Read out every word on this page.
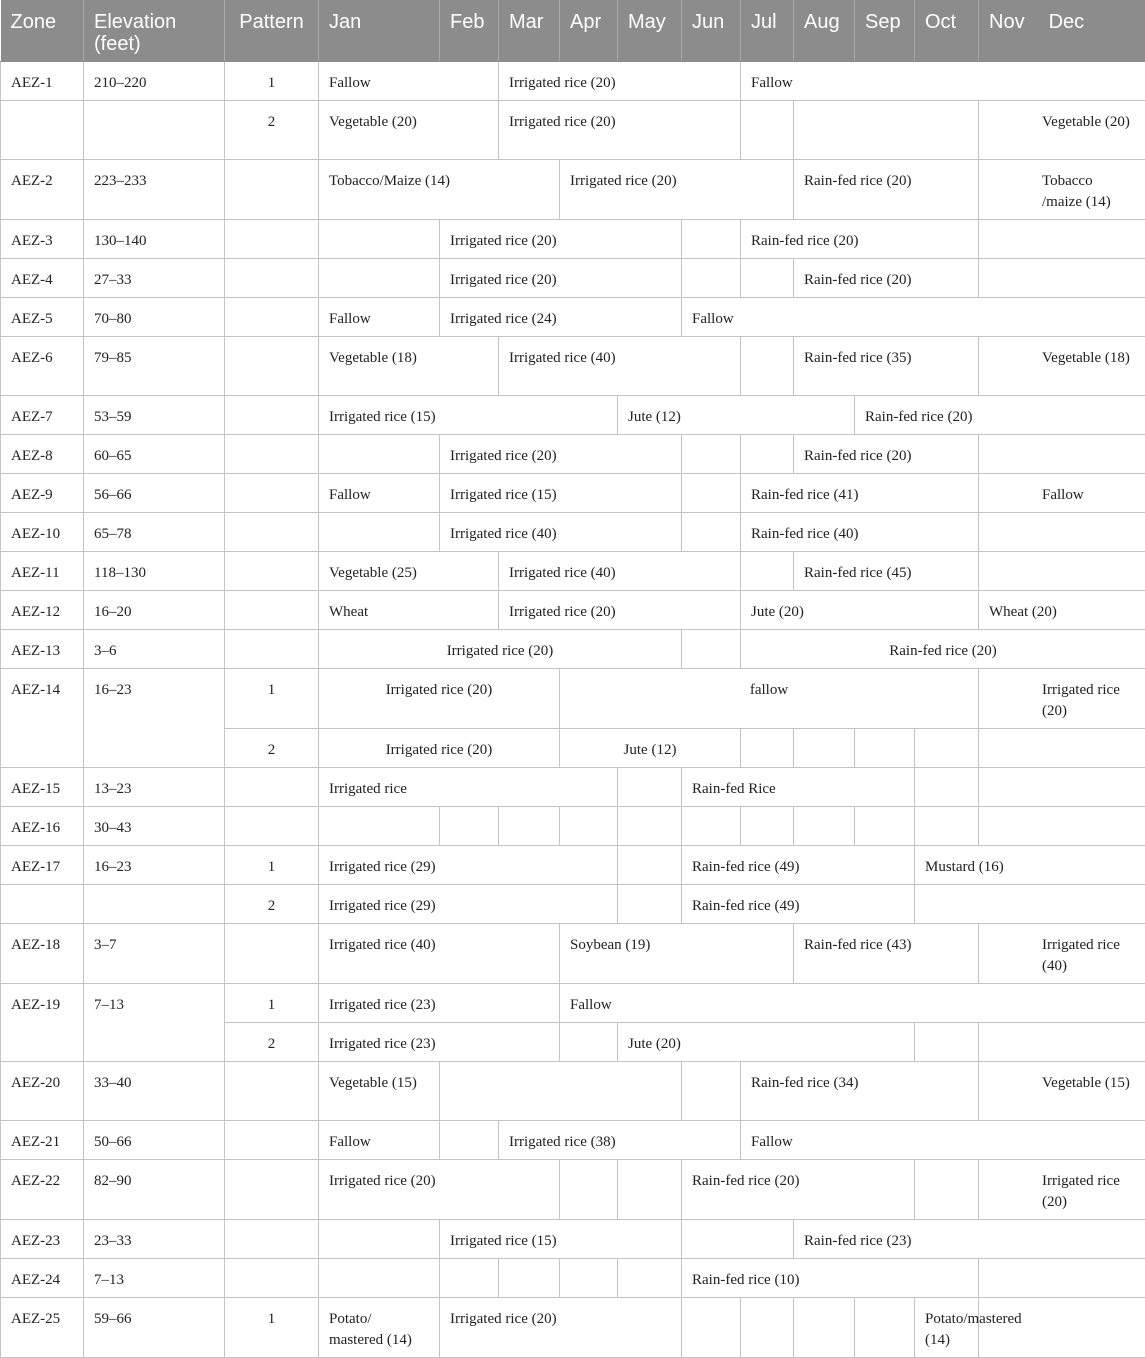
Zone	Elevation (feet)	Pattern	Jan	Feb	Mar	Apr	May	Jun	Jul	Aug	Sep	Oct	Nov Dec	
AEZ-1	210–220	1	Fallow		Irrigated rice (20)				Fallow					
		2	Vegetable (20)		Irrigated rice (20)								Vegetable (20)	

AEZ-2	223–233		Tobacco/Maize (14)			Irrigated rice (20)				Rain-fed rice (20)			Tobacco /maize (14)	

AEZ-3	130–140			Irrigated rice (20)					Rain-fed rice (20)					

AEZ-4	27–33			Irrigated rice (20)						Rain-fed rice (20)				
AEZ-5	70–80		Fallow	Irrigated rice (24)				Fallow						
AEZ-6	79–85		Vegetable (18)		Irrigated rice (40)					Rain-fed rice (35)			Vegetable (18)	

AEZ-7	53–59		Irrigated rice (15)				Jute (12)				Rain-fed rice (20)			
AEZ-8	60–65			Irrigated rice (20)						Rain-fed rice (20)				
AEZ-9	56–66		Fallow	Irrigated rice (15)					Rain-fed rice (41)				Fallow	

AEZ-10	65–78			Irrigated rice (40)					Rain-fed rice (40)					

AEZ-11	118–130		Vegetable (25)		Irrigated rice (40)					Rain-fed rice (45)				
AEZ-12	16–20		Wheat		Irrigated rice (20)				Jute (20)				Wheat (20)	
AEZ-13	3–6		Irrigated rice (20)						Rain-fed rice (20)					

AEZ-14	16–23	1	Irrigated rice (20)			fallow							Irrigated rice (20)	

		2	Irrigated rice (20)			Jute (12)								
AEZ-15	13–23		Irrigated rice					Rain-fed Rice						
AEZ-16	30–43													
AEZ-17	16–23	1	Irrigated rice (29)					Rain-fed rice (49)				Mustard (16)		
		2	Irrigated rice (29)					Rain-fed rice (49)						
AEZ-18	3–7		Irrigated rice (40)			Soybean (19)				Rain-fed rice (43)			Irrigated rice (40)	

AEZ-19	7–13	1	Irrigated rice (23)			Fallow								
		2	Irrigated rice (23)				Jute (20)							
AEZ-20	33–40		Vegetable (15)						Rain-fed rice (34)				Vegetable (15)	

AEZ-21	50–66		Fallow		Irrigated rice (38)				Fallow					
AEZ-22	82–90		Irrigated rice (20)					Rain-fed rice (20)					Irrigated rice (20)	

AEZ-23	23–33			Irrigated rice (15)						Rain-fed rice (23)				

AEZ-24	7–13							Rain-fed rice (10)						

AEZ-25	59–66	1	Potato/ mastered (14)	Irrigated rice (20)								Potato/mastered (14)		
